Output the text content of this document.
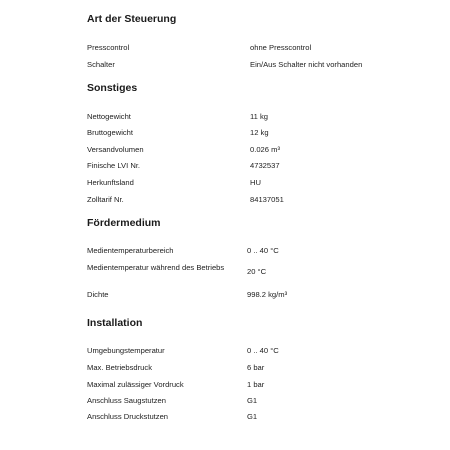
Art der Steuerung
Presscontrol	ohne Presscontrol
Schalter	Ein/Aus Schalter nicht vorhanden
Sonstiges
Nettogewicht	11 kg
Bruttogewicht	12 kg
Versandvolumen	0.026 m³
Finische LVI Nr.	4732537
Herkunftsland	HU
Zolltarif Nr.	84137051
Fördermedium
Medientemperaturbereich	0 .. 40 °C
Medientemperatur während des Betriebs	20 °C
Dichte	998.2 kg/m³
Installation
Umgebungstemperatur	0 .. 40 °C
Max. Betriebsdruck	6 bar
Maximal zulässiger Vordruck	1 bar
Anschluss Saugstutzen	G1
Anschluss Druckstutzen	G1
